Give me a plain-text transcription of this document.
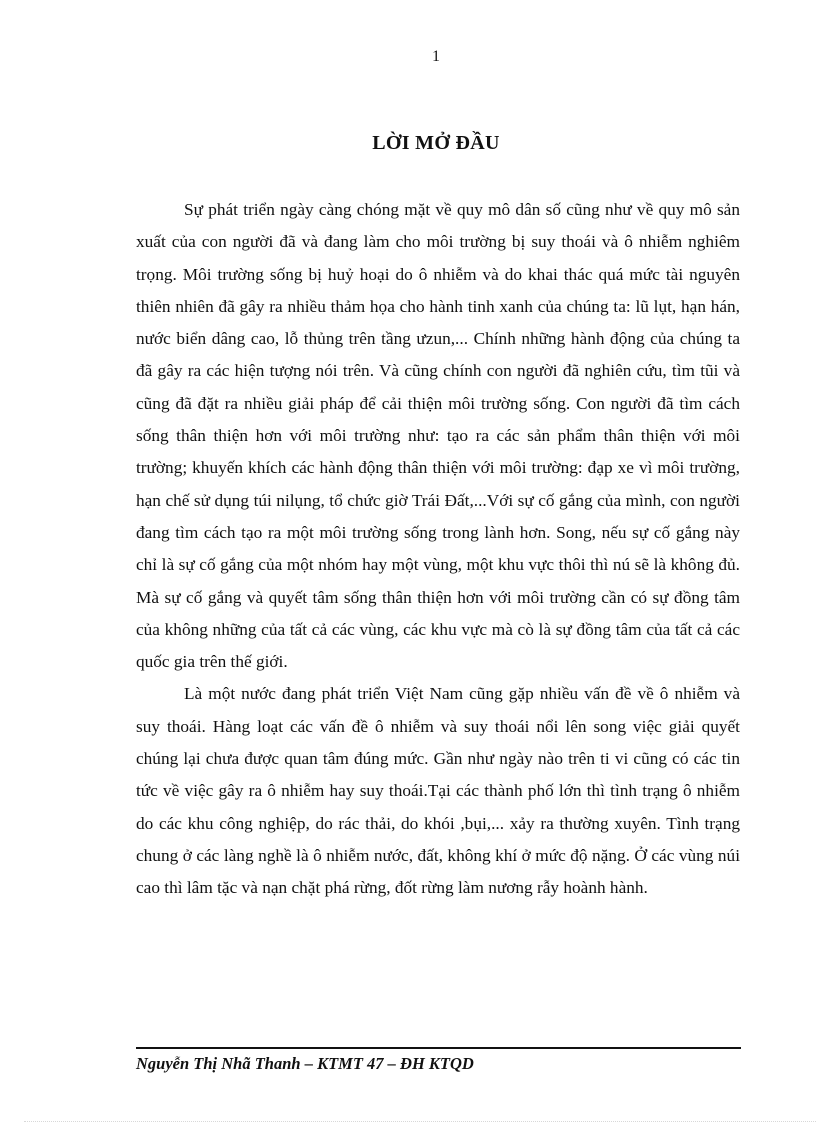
1
LỜI MỞ ĐẦU

Sự phát triển ngày càng chóng mặt về quy mô dân số cũng như về quy mô sản xuất của con người đã và đang làm cho môi trường bị suy thoái và ô nhiễm nghiêm trọng. Môi trường sống bị huỷ hoại do ô nhiễm và do khai thác quá mức tài nguyên thiên nhiên đã gây ra nhiều thảm họa cho hành tinh xanh của chúng ta: lũ lụt, hạn hán, nước biển dâng cao, lỗ thủng trên tầng ưzun,... Chính những hành động của chúng ta đã gây ra các hiện tượng nói trên. Và cũng chính con người đã nghiên cứu, tìm tũi và cũng đã đặt ra nhiều giải pháp để cải thiện môi trường sống. Con người đã tìm cách sống thân thiện hơn với môi trường như: tạo ra các sản phẩm thân thiện với môi trường; khuyến khích các hành động thân thiện với môi trường: đạp xe vì môi trường, hạn chế sử dụng túi nilụng, tổ chức giờ Trái Đất,...Với sự cố gắng của mình, con người đang tìm cách tạo ra một môi trường sống trong lành hơn. Song, nếu sự cố gắng này chỉ là sự cố gắng của một nhóm hay một vùng, một khu vực thôi thì nú sẽ là không đủ. Mà sự cố gắng và quyết tâm sống thân thiện hơn với môi trường cần có sự đồng tâm của không những của tất cả các vùng, các khu vực mà cò là sự đồng tâm của tất cả các quốc gia trên thế giới.

Là một nước đang phát triển Việt Nam cũng gặp nhiều vấn đề về ô nhiễm và suy thoái. Hàng loạt các vấn đề ô nhiễm và suy thoái nổi lên song việc giải quyết chúng lại chưa được quan tâm đúng mức. Gần như ngày nào trên ti vi cũng có các tin tức về việc gây ra ô nhiễm hay suy thoái.Tại các thành phố lớn thì tình trạng ô nhiễm do các khu công nghiệp, do rác thải, do khói ,bụi,... xảy ra thường xuyên. Tình trạng chung ở các làng nghề là ô nhiễm nước, đất, không khí ở mức độ nặng. Ở các vùng núi cao thì lâm tặc và nạn chặt phá rừng, đốt rừng làm nương rẫy hoành hành.

Nguyễn Thị Nhã Thanh – KTMT 47 – ĐH KTQD
